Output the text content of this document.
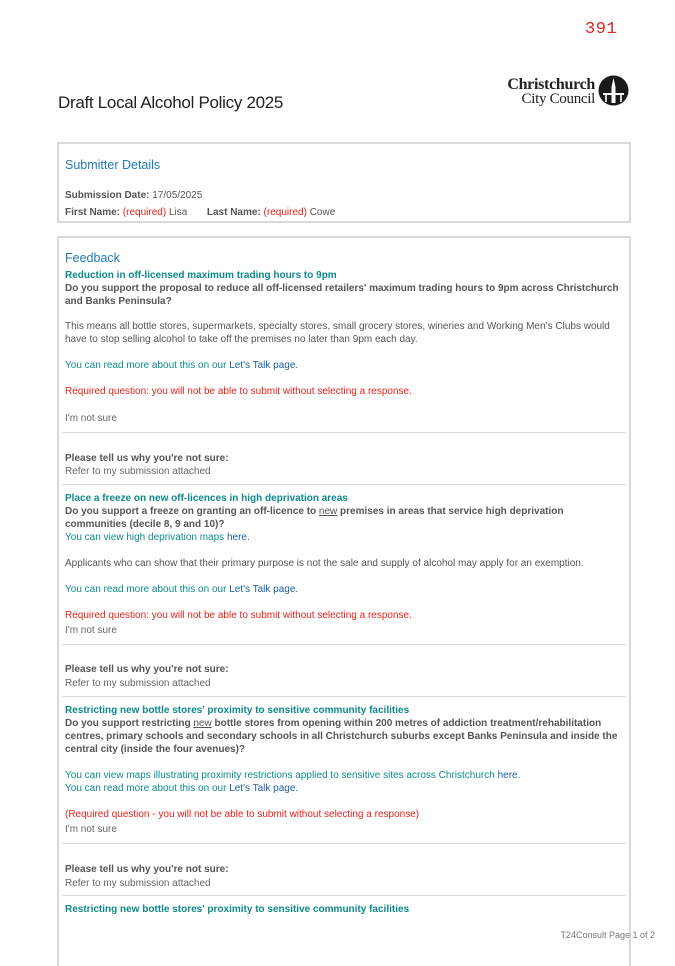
391
Christchurch
City Council
Draft Local Alcohol Policy 2025
Submitter Details
Submission Date: 17/05/2025
First Name: (required) Lisa Last Name: (required) Cowe
Feedback
Reduction in off-licensed maximum trading hours to 9pm
Do you support the proposal to reduce all off-licensed retailers' maximum trading hours to 9pm across Christchurch and Banks Peninsula?
This means all bottle stores, supermarkets, specialty stores, small grocery stores, wineries and Working Men’s Clubs would have to stop selling alcohol to take off the premises no later than 9pm each day.
You can read more about this on our Let's Talk page.
Required question: you will not be able to submit without selecting a response.
I'm not sure
Please tell us why you're not sure:
Refer to my submission attached
Place a freeze on new off-licences in high deprivation areas
Do you support a freeze on granting an off-licence to new premises in areas that service high deprivation communities (decile 8, 9 and 10)?
You can view high deprivation maps here.
Applicants who can show that their primary purpose is not the sale and supply of alcohol may apply for an exemption.
You can read more about this on our Let's Talk page.
Required question: you will not be able to submit without selecting a response.
I'm not sure
Please tell us why you're not sure:
Refer to my submission attached
Restricting new bottle stores' proximity to sensitive community facilities
Do you support restricting new bottle stores from opening within 200 metres of addiction treatment/rehabilitation centres, primary schools and secondary schools in all Christchurch suburbs except Banks Peninsula and inside the central city (inside the four avenues)?
You can view maps illustrating proximity restrictions applied to sensitive sites across Christchurch here.
You can read more about this on our Let's Talk page.
(Required question - you will not be able to submit without selecting a response)
I'm not sure
Please tell us why you're not sure:
Refer to my submission attached
Restricting new bottle stores' proximity to sensitive community facilities
T24Consult Page 1 of 2
